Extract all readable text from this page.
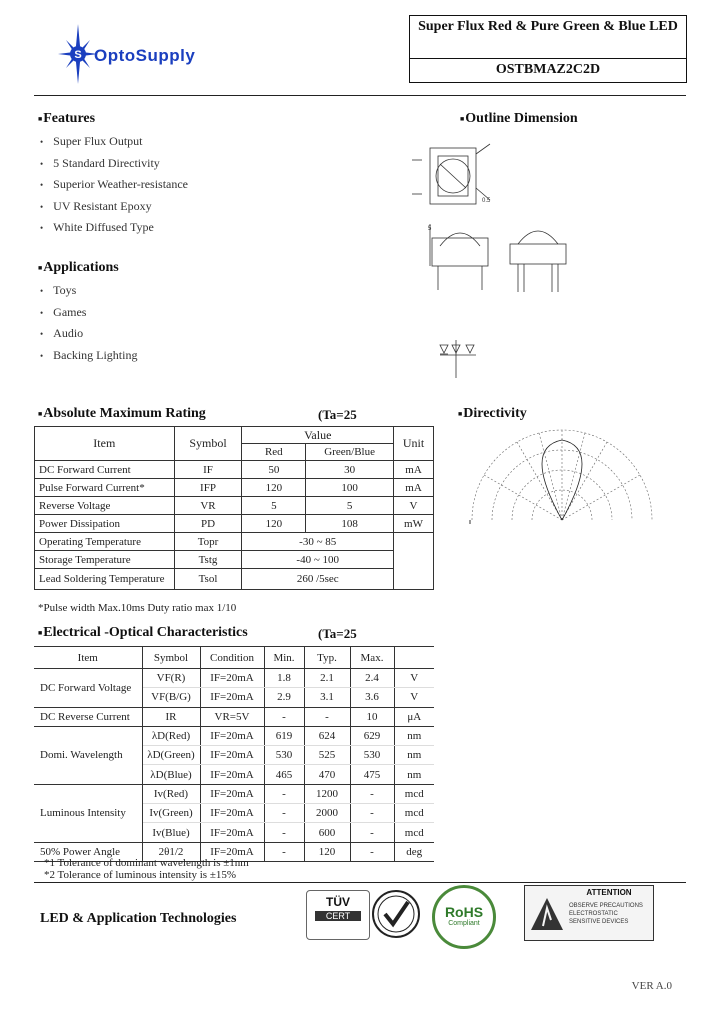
S OptoSupply
Super Flux Red & Pure Green & Blue LED
OSTBMAZ2C2D
■ Features
• Super Flux Output
• 5 Standard Directivity
• Superior Weather-resistance
• UV Resistant Epoxy
• White Diffused Type
■ Applications
• Toys
• Games
• Audio
• Backing Lighting
■ Outline Dimension
0.5
5
■ Absolute Maximum Rating	(Ta=25
Item	Symbol	Value		Unit
		Red	Green/Blue	
DC Forward Current	IF	50	30	mA
Pulse Forward Current*	IFP	120	100	mA
Reverse Voltage	VR	5	5	V
Power Dissipation	PD	120	108	mW
Operating Temperature	Topr	-30 ~ 85		
Storage Temperature	Tstg	-40 ~ 100		
Lead Soldering Temperature	Tsol	260 /5sec		
*Pulse width Max.10ms Duty ratio max 1/10
■ Directivity
■ Electrical -Optical Characteristics	(Ta=25
Item	Symbol	Condition	Min.	Typ.	Max.	
DC Forward Voltage	VF(R)	IF=20mA	1.8	2.1	2.4	V
	VF(B/G)	IF=20mA	2.9	3.1	3.6	V
DC Reverse Current	IR	VR=5V	-	-	10	μA
Domi. Wavelength	λD(Red)	IF=20mA	619	624	629	nm
	λD(Green)	IF=20mA	530	525	530	nm
	λD(Blue)	IF=20mA	465	470	475	nm
Luminous Intensity	Iv(Red)	IF=20mA	-	1200	-	mcd
	Iv(Green)	IF=20mA	-	2000	-	mcd
	Iv(Blue)	IF=20mA	-	600	-	mcd
50% Power Angle	2θ1/2	IF=20mA	-	120	-	deg
*1 Tolerance of dominant wavelength is ±1nm
*2 Tolerance of luminous intensity is ±15%
LED & Application Technologies
TÜV
CERT	RoHS
Compliant
ATTENTION
OBSERVE PRECAUTIONS
ELECTROSTATIC
SENSITIVE DEVICES
VER A.0
